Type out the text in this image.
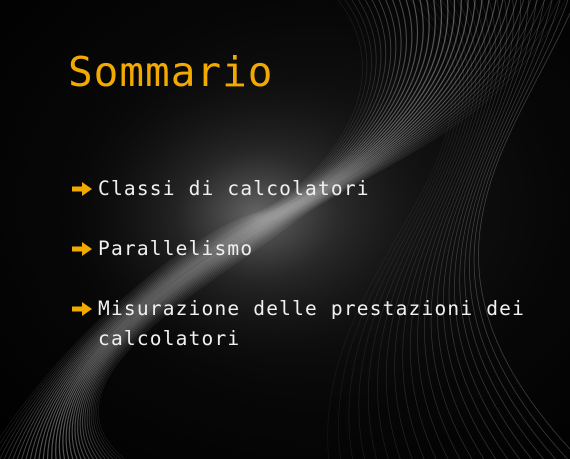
Sommario
Classi di calcolatori
Parallelismo
Misurazione delle prestazioni dei calcolatori
